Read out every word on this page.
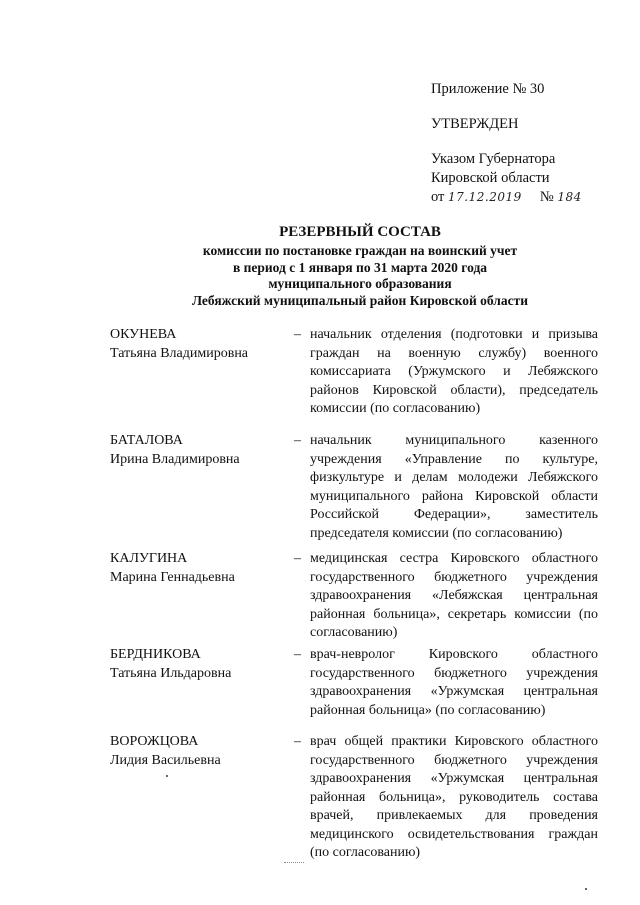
Приложение № 30
УТВЕРЖДЕН
Указом Губернатора
Кировской области
от 17.12.2019 № 184
РЕЗЕРВНЫЙ СОСТАВ
комиссии по постановке граждан на воинский учет
в период с 1 января по 31 марта 2020 года
муниципального образования
Лебяжский муниципальный район Кировской области
ОКУНЕВА
Татьяна Владимировна
– начальник отделения (подготовки и призыва граждан на военную службу) военного комиссариата (Уржумского и Лебяжского районов Кировской области), председатель комиссии (по согласованию)
БАТАЛОВА
Ирина Владимировна
– начальник муниципального казенного учреждения «Управление по культуре, физкультуре и делам молодежи Лебяжского муниципального района Кировской области Российской Федерации», заместитель председателя комиссии (по согласованию)
КАЛУГИНА
Марина Геннадьевна
– медицинская сестра Кировского областного государственного бюджетного учреждения здравоохранения «Лебяжская центральная районная больница», секретарь комиссии (по согласованию)
БЕРДНИКОВА
Татьяна Ильдаровна
– врач-невролог Кировского областного государственного бюджетного учреждения здравоохранения «Уржумская центральная районная больница» (по согласованию)
ВОРОЖЦОВА
Лидия Васильевна
– врач общей практики Кировского областного государственного бюджетного учреждения здравоохранения «Уржумская центральная районная больница», руководитель состава врачей, привлекаемых для проведения медицинского освидетельствования граждан (по согласованию)
